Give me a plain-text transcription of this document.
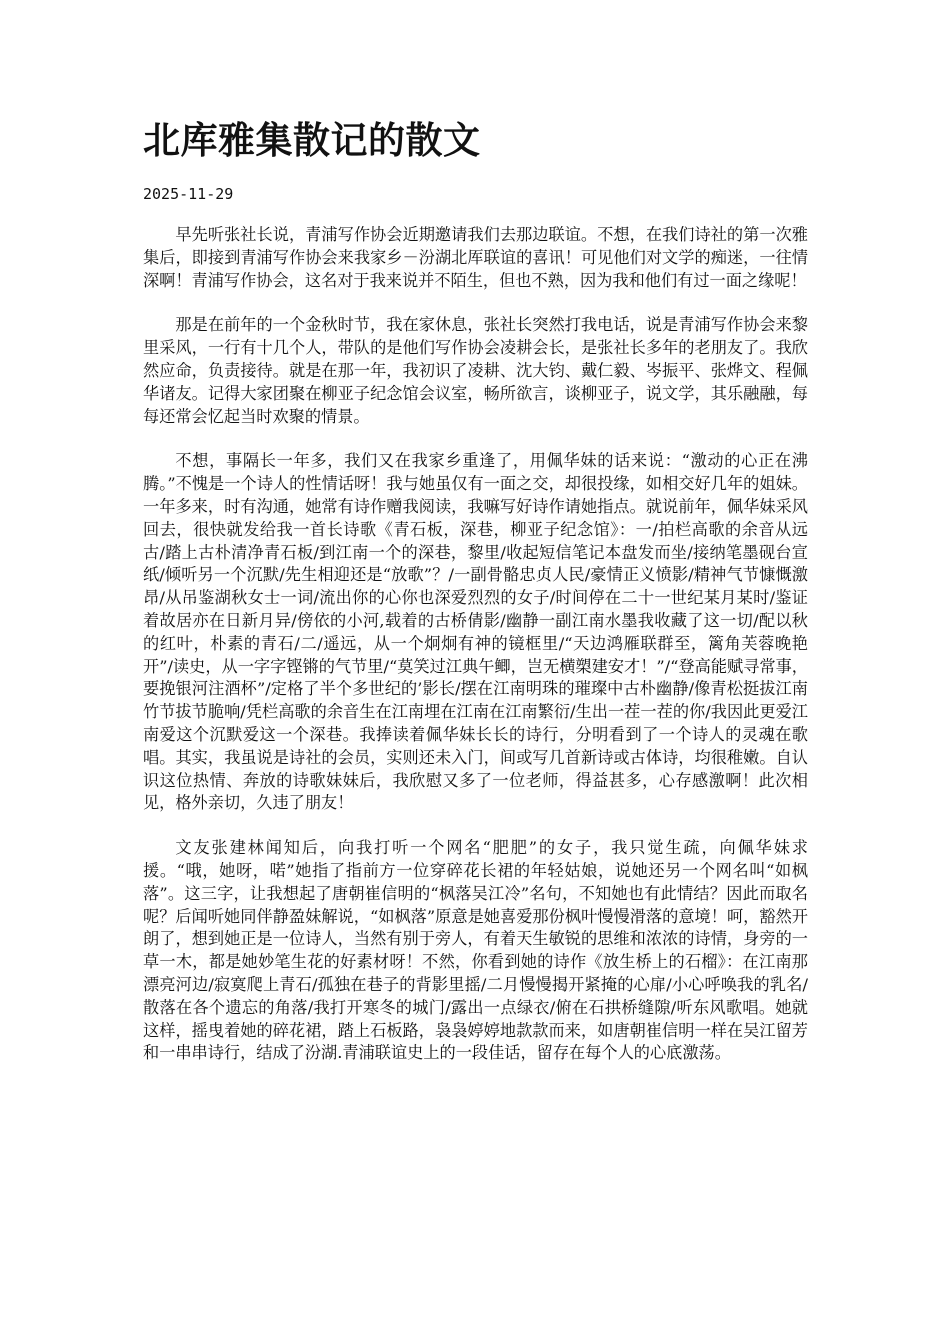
北库雅集散记的散文
2025-11-29

早先听张社长说，青浦写作协会近期邀请我们去那边联谊。不想，在我们诗社的第一次雅集后，即接到青浦写作协会来我家乡－汾湖北厍联谊的喜讯！可见他们对文学的痴迷，一往情深啊！青浦写作协会，这名对于我来说并不陌生，但也不熟，因为我和他们有过一面之缘呢！

那是在前年的一个金秋时节，我在家休息，张社长突然打我电话，说是青浦写作协会来黎里采风，一行有十几个人，带队的是他们写作协会凌耕会长，是张社长多年的老朋友了。我欣然应命，负责接待。就是在那一年，我初识了凌耕、沈大钧、戴仁毅、岑振平、张烨文、程佩华诸友。记得大家团聚在柳亚子纪念馆会议室，畅所欲言，谈柳亚子，说文学，其乐融融，每每还常会忆起当时欢聚的情景。

不想，事隔长一年多，我们又在我家乡重逢了，用佩华妹的话来说：“激动的心正在沸腾。”不愧是一个诗人的性情话呀！我与她虽仅有一面之交，却很投缘，如相交好几年的姐妹。一年多来，时有沟通，她常有诗作赠我阅读，我嘛写好诗作请她指点。就说前年，佩华妹采风回去，很快就发给我一首长诗歌《青石板，深巷，柳亚子纪念馆》：一/拍栏高歌的余音从远古/踏上古朴清净青石板/到江南一个的深巷，黎里/收起短信笔记本盘发而坐/接纳笔墨砚台宣纸/倾听另一个沉默/先生相迎还是“放歌”？/一副骨骼忠贞人民/豪情正义愤影/精神气节慷慨激昂/从吊鉴湖秋女士一词/流出你的心你也深爱烈烈的女子/时间停在二十一世纪某月某时/鉴证着故居亦在日新月异/傍依的小河,载着的古桥倩影/幽静一副江南水墨我收藏了这一切/配以秋的红叶，朴素的青石/二/遥远，从一个炯炯有神的镜框里/“天边鸿雁联群至，篱角芙蓉晚艳开”/读史，从一字字铿锵的气节里/“莫笑过江典午鲫，岂无横槊建安才！”/“登高能赋寻常事，要挽银河注酒杯”/定格了半个多世纪的’影长/摆在江南明珠的璀璨中古朴幽静/像青松挺拔江南竹节拔节脆响/凭栏高歌的余音生在江南埋在江南在江南繁衍/生出一茬一茬的你/我因此更爱江南爱这个沉默爱这一个深巷。我捧读着佩华妹长长的诗行，分明看到了一个诗人的灵魂在歌唱。其实，我虽说是诗社的会员，实则还未入门，间或写几首新诗或古体诗，均很稚嫩。自认识这位热情、奔放的诗歌妹妹后，我欣慰又多了一位老师，得益甚多，心存感激啊！此次相见，格外亲切，久违了朋友！

文友张建林闻知后，向我打听一个网名“肥肥”的女子，我只觉生疏，向佩华妹求援。“哦，她呀，喏”她指了指前方一位穿碎花长裙的年轻姑娘，说她还另一个网名叫“如枫落”。这三字，让我想起了唐朝崔信明的“枫落吴江冷”名句，不知她也有此情结？因此而取名呢？后闻听她同伴静盈妹解说，“如枫落”原意是她喜爱那份枫叶慢慢滑落的意境！呵，豁然开朗了，想到她正是一位诗人，当然有别于旁人，有着天生敏锐的思维和浓浓的诗情，身旁的一草一木，都是她妙笔生花的好素材呀！不然，你看到她的诗作《放生桥上的石榴》：在江南那漂亮河边/寂寞爬上青石/孤独在巷子的背影里摇/二月慢慢揭开紧掩的心扉/小心呼唤我的乳名/散落在各个遗忘的角落/我打开寒冬的城门/露出一点绿衣/俯在石拱桥缝隙/听东风歌唱。她就这样，摇曳着她的碎花裙，踏上石板路，袅袅婷婷地款款而来，如唐朝崔信明一样在吴江留芳和一串串诗行，结成了汾湖.青浦联谊史上的一段佳话，留存在每个人的心底激荡。
